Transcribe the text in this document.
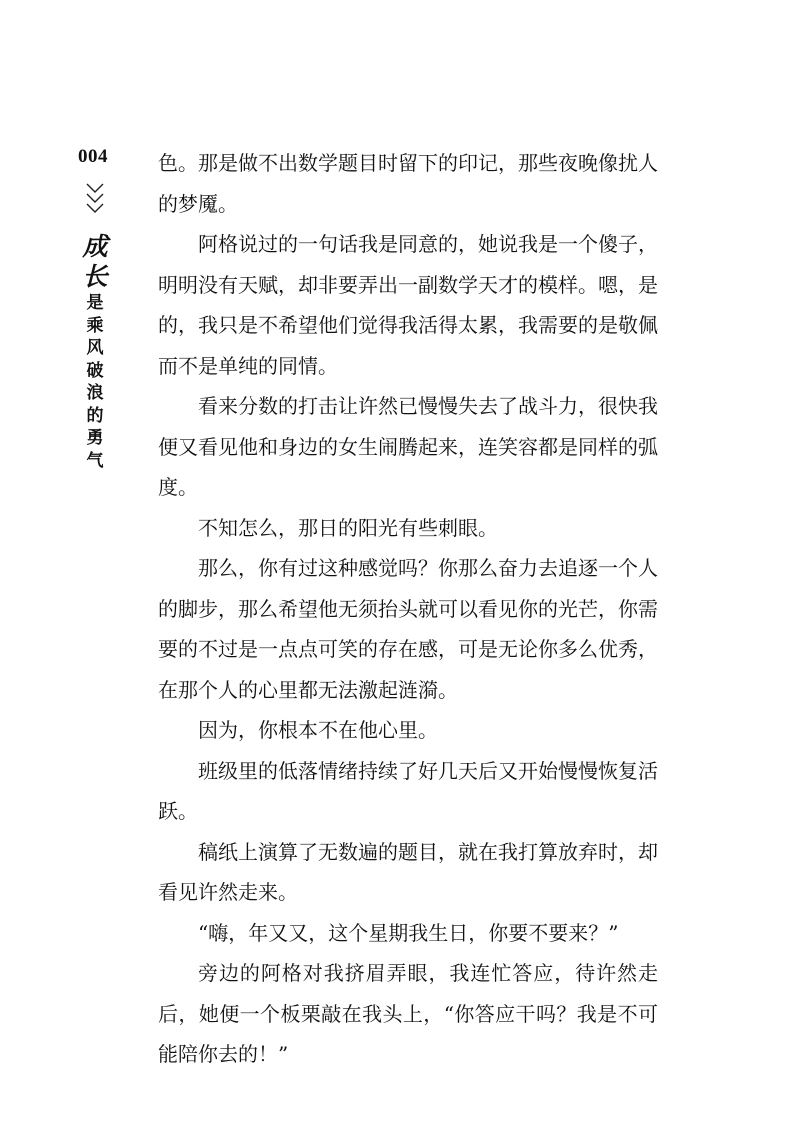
004
成
长
是
乘
风
破
浪
的
勇
气

色。那是做不出数学题目时留下的印记，那些夜晚像扰人的梦魇。

阿格说过的一句话我是同意的，她说我是一个傻子，明明没有天赋，却非要弄出一副数学天才的模样。嗯，是的，我只是不希望他们觉得我活得太累，我需要的是敬佩而不是单纯的同情。

看来分数的打击让许然已慢慢失去了战斗力，很快我便又看见他和身边的女生闹腾起来，连笑容都是同样的弧度。

不知怎么，那日的阳光有些刺眼。

那么，你有过这种感觉吗？你那么奋力去追逐一个人的脚步，那么希望他无须抬头就可以看见你的光芒，你需要的不过是一点点可笑的存在感，可是无论你多么优秀，在那个人的心里都无法激起涟漪。

因为，你根本不在他心里。

班级里的低落情绪持续了好几天后又开始慢慢恢复活跃。

稿纸上演算了无数遍的题目，就在我打算放弃时，却看见许然走来。

“嗨，年又又，这个星期我生日，你要不要来？”

旁边的阿格对我挤眉弄眼，我连忙答应，待许然走后，她便一个板栗敲在我头上，“你答应干吗？我是不可能陪你去的！”
